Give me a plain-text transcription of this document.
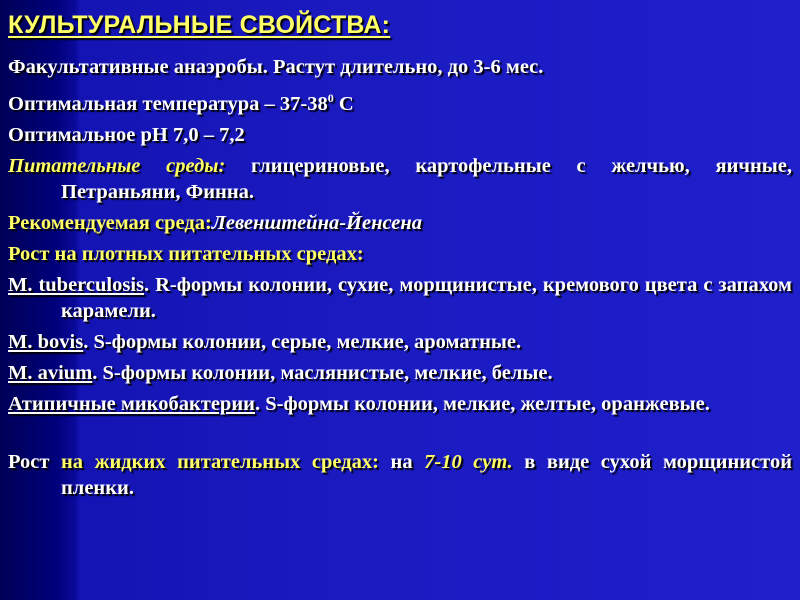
КУЛЬТУРАЛЬНЫЕ СВОЙСТВА:
Факультативные анаэробы. Растут длительно, до 3-6 мес.
Оптимальная температура – $37-38^0$ С
Оптимальное рН 7,0 – 7,2
Питательные среды: глицериновые, картофельные с желчью, яичные, Петраньяни, Финна.
Рекомендуемая среда:Левенштейна-Йенсена
Рост на плотных питательных средах:
M. tuberculosis. R-формы колонии, сухие, морщинистые, кремового цвета с запахом карамели.
M. bovis. S-формы колонии, серые, мелкие, ароматные.
M. avium. S-формы колонии, маслянистые, мелкие, белые.
Атипичные микобактерии. S-формы колонии, мелкие, желтые, оранжевые.
Рост на жидких питательных средах: на 7-10 сут. в виде сухой морщинистой пленки.
